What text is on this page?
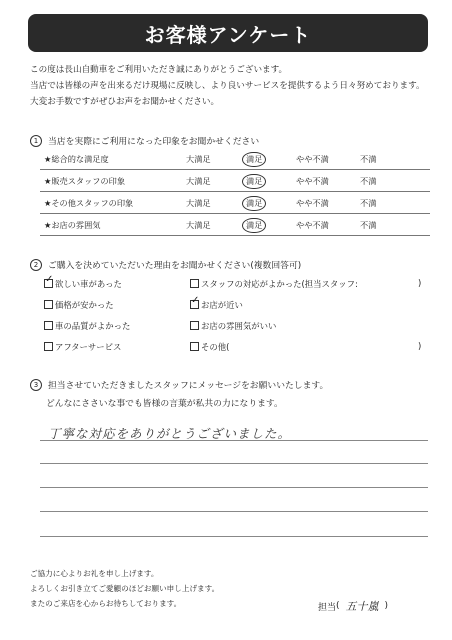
お客様アンケート
この度は長山自動車をご利用いただき誠にありがとうございます。
当店では皆様の声を出来るだけ現場に反映し、より良いサービスを提供するよう日々努めております。
大変お手数ですがぜひお声をお聞かせください。
1	当店を実際にご利用になった印象をお聞かせください
★総合的な満足度	大満足	満足	やや不満	不満
★販売スタッフの印象	大満足	満足	やや不満	不満
★その他スタッフの印象	大満足	満足	やや不満	不満
★お店の雰囲気	大満足	満足	やや不満	不満
2	ご購入を決めていただいた理由をお聞かせください(複数回答可)
✓ 欲しい車があった	スタッフの対応がよかった(担当スタッフ:	)
価格が安かった	✓ お店が近い
車の品質がよかった	お店の雰囲気がいい
アフターサービス	その他(	)
3	担当させていただきましたスタッフにメッセージをお願いいたします。
どんなにささいな事でも皆様の言葉が私共の力になります。
丁寧な対応をありがとうございました。
ご協力に心よりお礼を申し上げます。
よろしくお引き立てご愛顧のほどお願い申し上げます。
またのご来店を心からお待ちしております。	担当 ( 五十嵐 )
